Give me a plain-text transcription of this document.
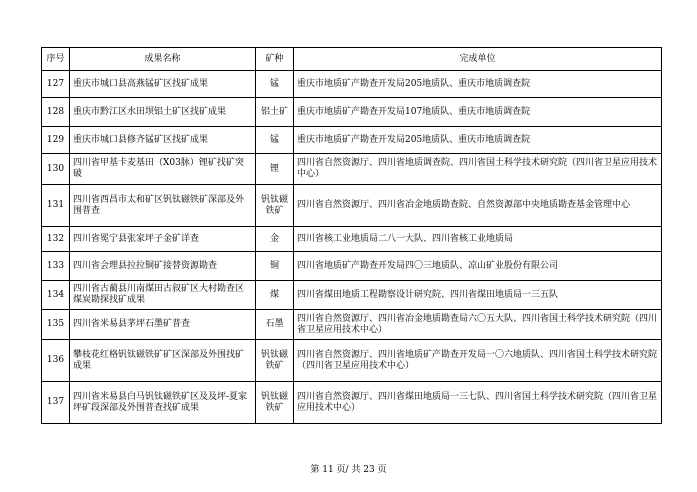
序号	成果名称	矿种	完成单位
127	重庆市城口县高燕锰矿区找矿成果	锰	重庆市地质矿产勘查开发局205地质队、重庆市地质调查院
128	重庆市黔江区水田坝铝土矿区找矿成果	铝土矿	重庆市地质矿产勘查开发局107地质队、重庆市地质调查院
129	重庆市城口县修齐锰矿区找矿成果	锰	重庆市地质矿产勘查开发局205地质队、重庆市地质调查院
130	四川省甲基卡麦基田（X03脉）锂矿找矿突破	锂	四川省自然资源厅、四川省地质调查院、四川省国土科学技术研究院（四川省卫星应用技术中心）
131	四川省西昌市太和矿区钒钛磁铁矿深部及外围普查	钒钛磁铁矿	四川省自然资源厅、四川省冶金地质勘查院、自然资源部中央地质勘查基金管理中心
132	四川省冕宁县张家坪子金矿详查	金	四川省核工业地质局二八一大队、四川省核工业地质局
133	四川省会理县拉拉铜矿接替资源勘查	铜	四川省地质矿产勘查开发局四〇三地质队、凉山矿业股份有限公司
134	四川省古蔺县川南煤田古叙矿区大村勘查区煤炭勘探找矿成果	煤	四川省煤田地质工程勘察设计研究院、四川省煤田地质局一三五队
135	四川省米易县茅坪石墨矿普查	石墨	四川省自然资源厅、四川省冶金地质勘查局六〇五大队、四川省国土科学技术研究院（四川省卫星应用技术中心）
136	攀枝花红格钒钛磁铁矿矿区深部及外围找矿成果	钒钛磁铁矿	四川省自然资源厅、四川省地质矿产勘查开发局一〇六地质队、四川省国土科学技术研究院（四川省卫星应用技术中心）
137	四川省米易县白马钒钛磁铁矿区及及坪-夏家坪矿段深部及外围普查找矿成果	钒钛磁铁矿	四川省自然资源厅、四川省煤田地质局一三七队、四川省国土科学技术研究院（四川省卫星应用技术中心）
第 11 页/ 共 23 页
